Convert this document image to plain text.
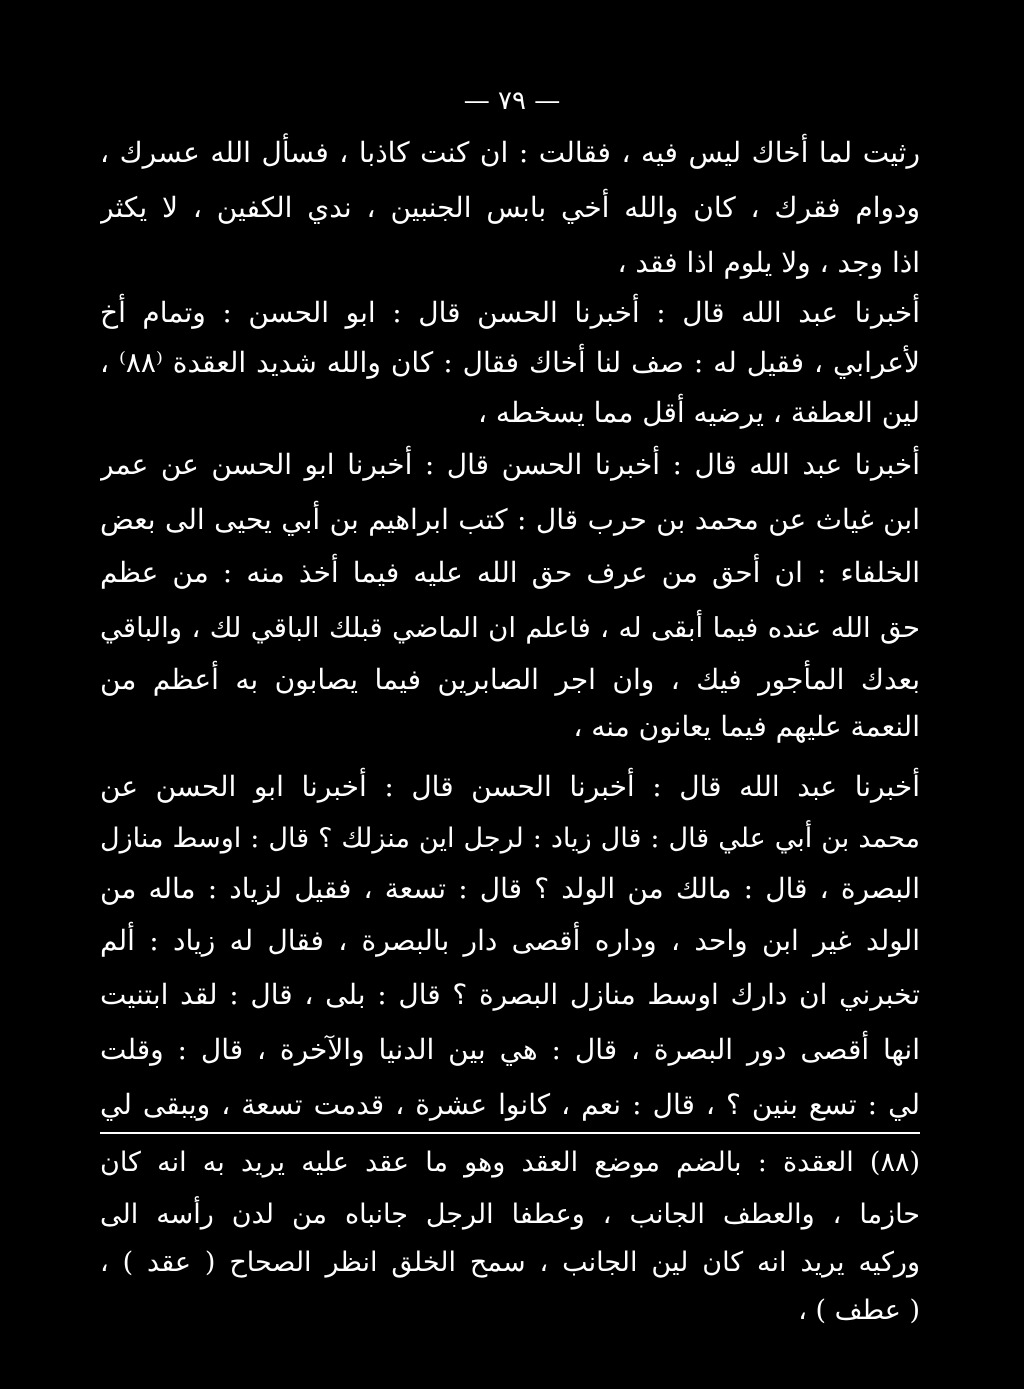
— ٧٩ —

رثيت لما أخاك ليس فيه ، فقالت : ان كنت كاذبا ، فسأل الله عسرك ،

ودوام فقرك ، كان والله أخي بابس الجنبين ، ندي الكفين ، لا يكثر

اذا وجد ، ولا يلوم اذا فقد ،

أخبرنا عبد الله قال : أخبرنا الحسن قال : ابو الحسن : وتمام أخ

لأعرابي ، فقيل له : صف لنا أخاك فقال : كان والله شديد العقدة ⁽٨٨⁾ ،

لين العطفة ، يرضيه أقل مما يسخطه ،

أخبرنا عبد الله قال : أخبرنا الحسن قال : أخبرنا ابو الحسن عن عمر

ابن غياث عن محمد بن حرب قال : كتب ابراهيم بن أبي يحيى الى بعض

الخلفاء : ان أحق من عرف حق الله عليه فيما أخذ منه : من عظم

حق الله عنده فيما أبقى له ، فاعلم ان الماضي قبلك الباقي لك ، والباقي

بعدك المأجور فيك ، وان اجر الصابرين فيما يصابون به أعظم من

النعمة عليهم فيما يعانون منه ،

أخبرنا عبد الله قال : أخبرنا الحسن قال : أخبرنا ابو الحسن عن

محمد بن أبي علي قال : قال زياد : لرجل اين منزلك ؟ قال : اوسط منازل

البصرة ، قال : مالك من الولد ؟ قال : تسعة ، فقيل لزياد : ماله من

الولد غير ابن واحد ، وداره أقصى دار بالبصرة ، فقال له زياد : ألم

تخبرني ان دارك اوسط منازل البصرة ؟ قال : بلى ، قال : لقد ابتنيت

انها أقصى دور البصرة ، قال : هي بين الدنيا والآخرة ، قال : وقلت

لي : تسع بنين ؟ ، قال : نعم ، كانوا عشرة ، قدمت تسعة ، ويبقى لي

(٨٨) العقدة : بالضم موضع العقد وهو ما عقد عليه يريد به انه كان

حازما ، والعطف الجانب ، وعطفا الرجل جانباه من لدن رأسه الى

وركيه يريد انه كان لين الجانب ، سمح الخلق انظر الصحاح ( عقد ) ،

( عطف ) ،
